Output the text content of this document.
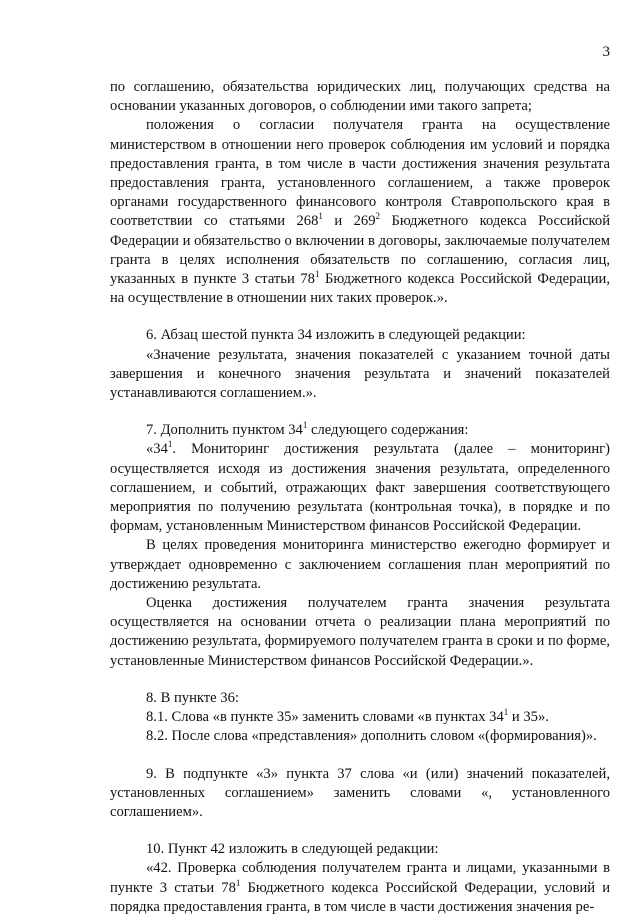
3

по соглашению, обязательства юридических лиц, получающих средства на основании указанных договоров, о соблюдении ими такого запрета;

положения о согласии получателя гранта на осуществление министерством в отношении него проверок соблюдения им условий и порядка предоставления гранта, в том числе в части достижения значения результата предоставления гранта, установленного соглашением, а также проверок органами государственного финансового контроля Ставропольского края в соответствии со статьями $268^1$ и $269^2$ Бюджетного кодекса Российской Федерации и обязательство о включении в договоры, заключаемые получателем гранта в целях исполнения обязательств по соглашению, согласия лиц, указанных в пункте 3 статьи $78^1$ Бюджетного кодекса Российской Федерации, на осуществление в отношении них таких проверок.».

6. Абзац шестой пункта 34 изложить в следующей редакции:

«Значение результата, значения показателей с указанием точной даты завершения и конечного значения результата и значений показателей устанавливаются соглашением.».

7. Дополнить пунктом $34^1$ следующего содержания:

«$34^1$. Мониторинг достижения результата (далее – мониторинг) осуществляется исходя из достижения значения результата, определенного соглашением, и событий, отражающих факт завершения соответствующего мероприятия по получению результата (контрольная точка), в порядке и по формам, установленным Министерством финансов Российской Федерации.

В целях проведения мониторинга министерство ежегодно формирует и утверждает одновременно с заключением соглашения план мероприятий по достижению результата.

Оценка достижения получателем гранта значения результата осуществляется на основании отчета о реализации плана мероприятий по достижению результата, формируемого получателем гранта в сроки и по форме, установленные Министерством финансов Российской Федерации.».

8. В пункте 36:

8.1. Слова «в пункте 35» заменить словами «в пунктах $34^1$ и 35».

8.2. После слова «представления» дополнить словом «(формирования)».

9. В подпункте «3» пункта 37 слова «и (или) значений показателей, установленных соглашением» заменить словами «, установленного соглашением».

10. Пункт 42 изложить в следующей редакции:

«42. Проверка соблюдения получателем гранта и лицами, указанными в пункте 3 статьи $78^1$ Бюджетного кодекса Российской Федерации, условий и порядка предоставления гранта, в том числе в части достижения значения ре-
